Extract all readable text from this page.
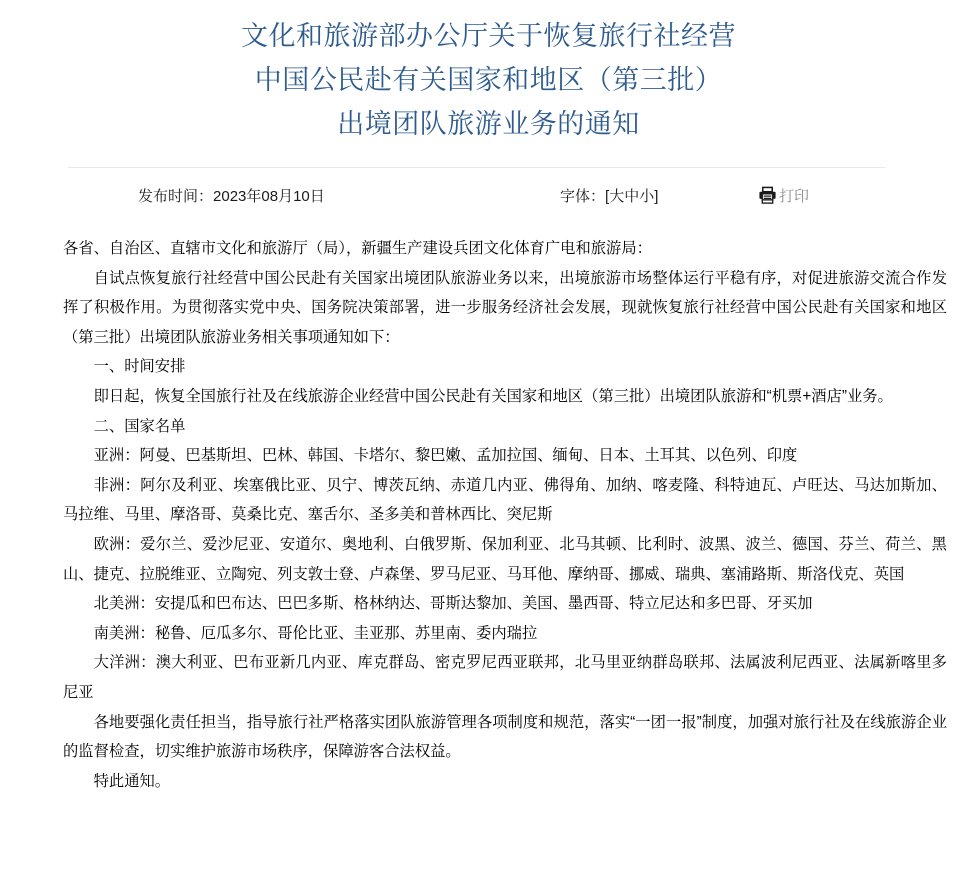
文化和旅游部办公厅关于恢复旅行社经营
中国公民赴有关国家和地区（第三批）
出境团队旅游业务的通知
发布时间：2023年08月10日	字体：[大中小]	打印

各省、自治区、直辖市文化和旅游厅（局），新疆生产建设兵团文化体育广电和旅游局：

自试点恢复旅行社经营中国公民赴有关国家出境团队旅游业务以来，出境旅游市场整体运行平稳有序，对促进旅游交流合作发挥了积极作用。为贯彻落实党中央、国务院决策部署，进一步服务经济社会发展，现就恢复旅行社经营中国公民赴有关国家和地区（第三批）出境团队旅游业务相关事项通知如下：

一、时间安排

即日起，恢复全国旅行社及在线旅游企业经营中国公民赴有关国家和地区（第三批）出境团队旅游和“机票+酒店”业务。

二、国家名单

亚洲：阿曼、巴基斯坦、巴林、韩国、卡塔尔、黎巴嫩、孟加拉国、缅甸、日本、土耳其、以色列、印度

非洲：阿尔及利亚、埃塞俄比亚、贝宁、博茨瓦纳、赤道几内亚、佛得角、加纳、喀麦隆、科特迪瓦、卢旺达、马达加斯加、马拉维、马里、摩洛哥、莫桑比克、塞舌尔、圣多美和普林西比、突尼斯

欧洲：爱尔兰、爱沙尼亚、安道尔、奥地利、白俄罗斯、保加利亚、北马其顿、比利时、波黑、波兰、德国、芬兰、荷兰、黑山、捷克、拉脱维亚、立陶宛、列支敦士登、卢森堡、罗马尼亚、马耳他、摩纳哥、挪威、瑞典、塞浦路斯、斯洛伐克、英国

北美洲：安提瓜和巴布达、巴巴多斯、格林纳达、哥斯达黎加、美国、墨西哥、特立尼达和多巴哥、牙买加

南美洲：秘鲁、厄瓜多尔、哥伦比亚、圭亚那、苏里南、委内瑞拉

大洋洲：澳大利亚、巴布亚新几内亚、库克群岛、密克罗尼西亚联邦，北马里亚纳群岛联邦、法属波利尼西亚、法属新喀里多尼亚

各地要强化责任担当，指导旅行社严格落实团队旅游管理各项制度和规范，落实“一团一报”制度，加强对旅行社及在线旅游企业的监督检查，切实维护旅游市场秩序，保障游客合法权益。

特此通知。
